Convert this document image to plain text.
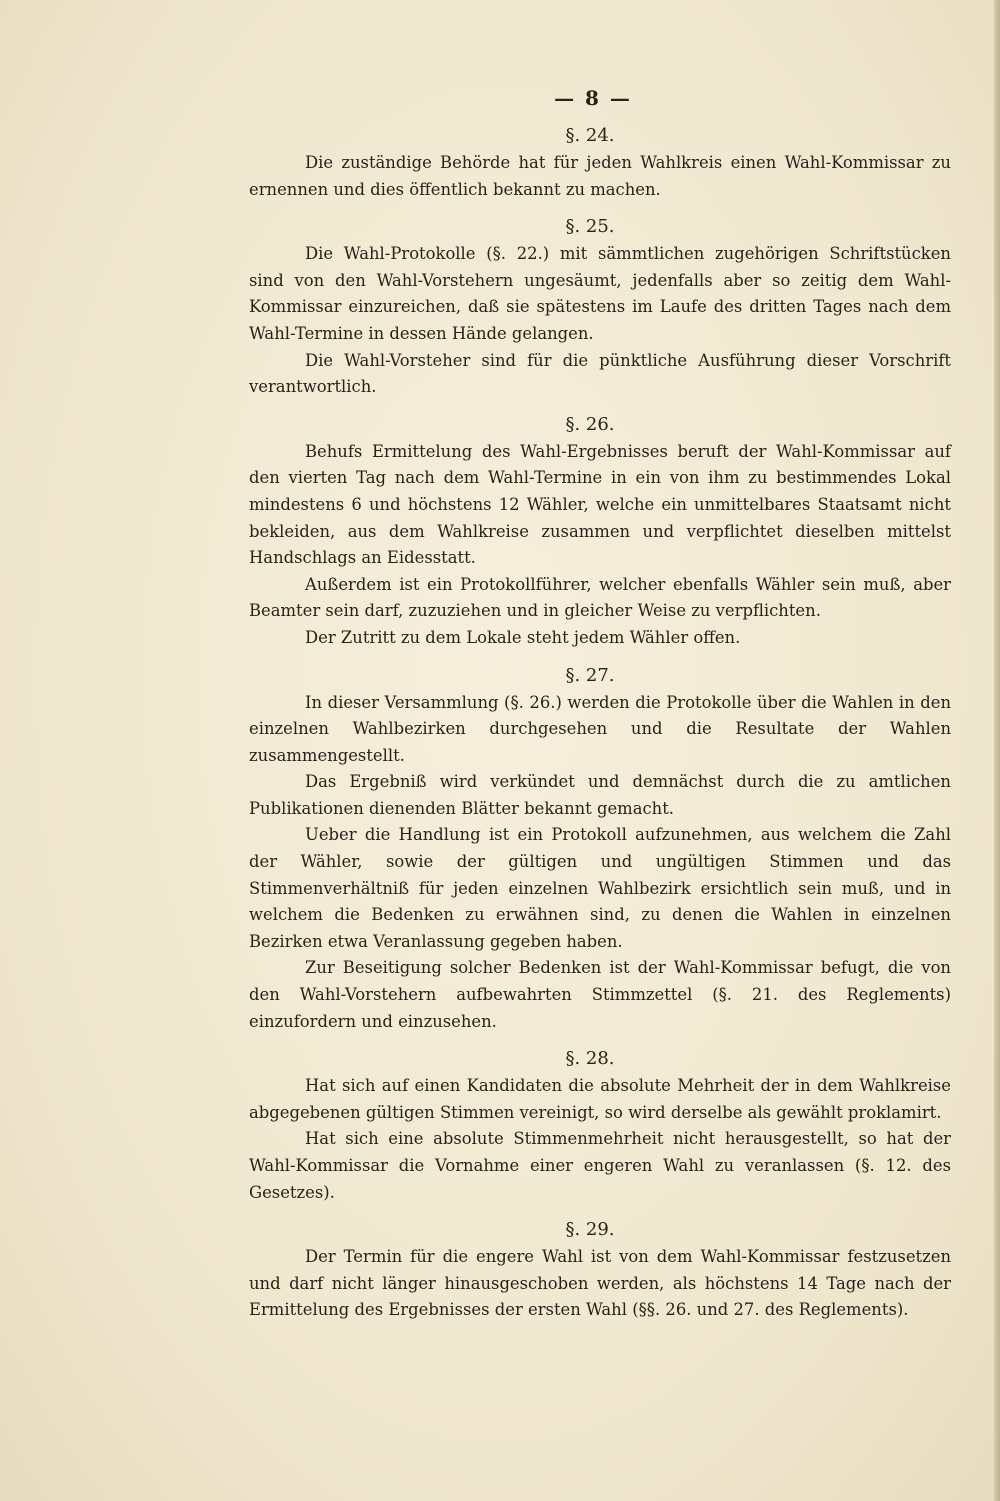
— 8 —
§. 24.

Die zuständige Behörde hat für jeden Wahlkreis einen Wahl-Kommissar zu ernennen und dies öffentlich bekannt zu machen.

§. 25.

Die Wahl-Protokolle (§. 22.) mit sämmtlichen zugehörigen Schriftstücken sind von den Wahl-Vorstehern ungesäumt, jedenfalls aber so zeitig dem Wahl-Kommissar einzureichen, daß sie spätestens im Laufe des dritten Tages nach dem Wahl-Termine in dessen Hände gelangen.

Die Wahl-Vorsteher sind für die pünktliche Ausführung dieser Vorschrift verantwortlich.

§. 26.

Behufs Ermittelung des Wahl-Ergebnisses beruft der Wahl-Kommissar auf den vierten Tag nach dem Wahl-Termine in ein von ihm zu bestimmendes Lokal mindestens 6 und höchstens 12 Wähler, welche ein unmittelbares Staatsamt nicht bekleiden, aus dem Wahlkreise zusammen und verpflichtet dieselben mittelst Handschlags an Eidesstatt.

Außerdem ist ein Protokollführer, welcher ebenfalls Wähler sein muß, aber Beamter sein darf, zuzuziehen und in gleicher Weise zu verpflichten.

Der Zutritt zu dem Lokale steht jedem Wähler offen.

§. 27.

In dieser Versammlung (§. 26.) werden die Protokolle über die Wahlen in den einzelnen Wahlbezirken durchgesehen und die Resultate der Wahlen zusammengestellt.

Das Ergebniß wird verkündet und demnächst durch die zu amtlichen Publikationen dienenden Blätter bekannt gemacht.

Ueber die Handlung ist ein Protokoll aufzunehmen, aus welchem die Zahl der Wähler, sowie der gültigen und ungültigen Stimmen und das Stimmenverhältniß für jeden einzelnen Wahlbezirk ersichtlich sein muß, und in welchem die Bedenken zu erwähnen sind, zu denen die Wahlen in einzelnen Bezirken etwa Veranlassung gegeben haben.

Zur Beseitigung solcher Bedenken ist der Wahl-Kommissar befugt, die von den Wahl-Vorstehern aufbewahrten Stimmzettel (§. 21. des Reglements) einzufordern und einzusehen.

§. 28.

Hat sich auf einen Kandidaten die absolute Mehrheit der in dem Wahlkreise abgegebenen gültigen Stimmen vereinigt, so wird derselbe als gewählt proklamirt.

Hat sich eine absolute Stimmenmehrheit nicht herausgestellt, so hat der Wahl-Kommissar die Vornahme einer engeren Wahl zu veranlassen (§. 12. des Gesetzes).

§. 29.

Der Termin für die engere Wahl ist von dem Wahl-Kommissar festzusetzen und darf nicht länger hinausgeschoben werden, als höchstens 14 Tage nach der Ermittelung des Ergebnisses der ersten Wahl (§§. 26. und 27. des Reglements).
